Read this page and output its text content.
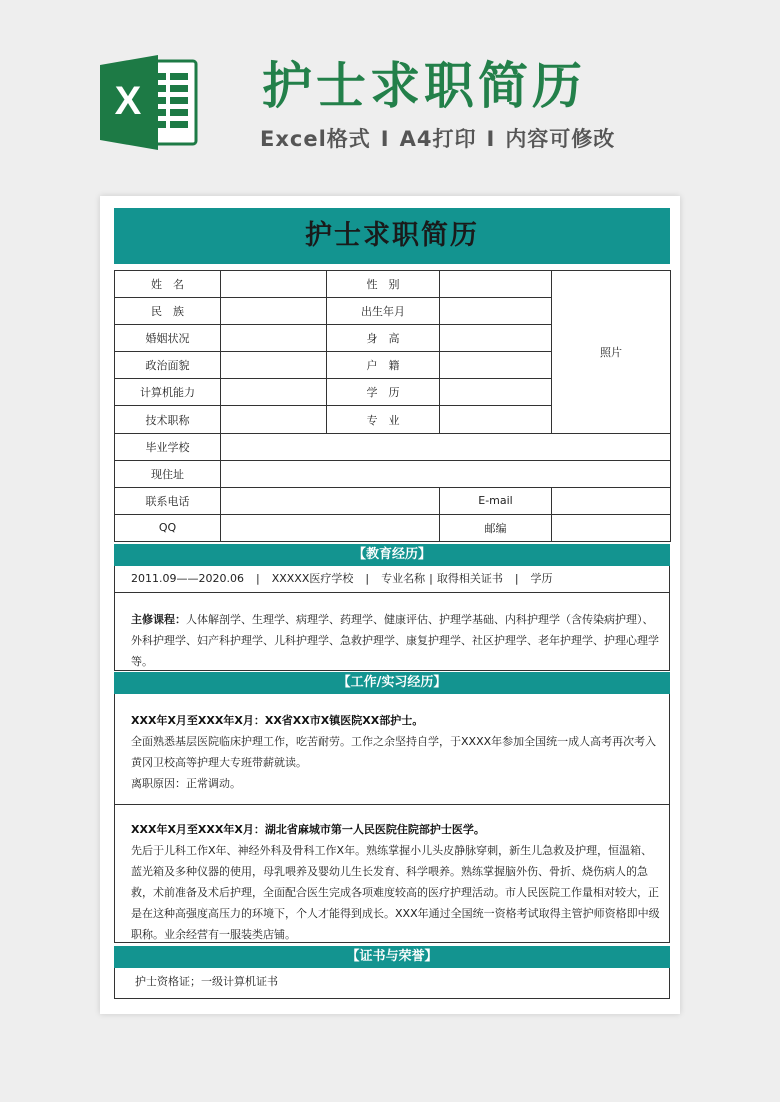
X 护士求职简历
Excel格式 I A4打印 I 内容可修改
护士求职简历
姓　名		性　别		照片
民　族		出生年月		
婚姻状况		身　高		
政治面貌		户　籍		
计算机能力		学　历		
技术职称		专　业		
毕业学校				
现住址				
联系电话			E-mail	
QQ			邮编	
【教育经历】
2011.09——2020.06 | XXXXX医疗学校 | 专业名称 | 取得相关证书 | 学历

主修课程：人体解剖学、生理学、病理学、药理学、健康评估、护理学基础、内科护理学（含传染病护理）、外科护理学、妇产科护理学、儿科护理学、急救护理学、康复护理学、社区护理学、老年护理学、护理心理学等。

【工作/实习经历】
XXX年X月至XXX年X月：XX省XX市X镇医院XX部护士。

全面熟悉基层医院临床护理工作，吃苦耐劳。工作之余坚持自学，于XXXX年参加全国统一成人高考再次考入黄冈卫校高等护理大专班带薪就读。

离职原因：正常调动。

XXX年X月至XXX年X月：湖北省麻城市第一人民医院住院部护士医学。

先后于儿科工作X年、神经外科及骨科工作X年。熟练掌握小儿头皮静脉穿刺，新生儿急救及护理，恒温箱、蓝光箱及多种仪器的使用，母乳喂养及婴幼儿生长发育、科学喂养。熟练掌握脑外伤、骨折、烧伤病人的急救，术前准备及术后护理，全面配合医生完成各项难度较高的医疗护理活动。市人民医院工作量相对较大，正是在这种高强度高压力的环境下，个人才能得到成长。XXX年通过全国统一资格考试取得主管护师资格即中级职称。业余经营有一服装类店铺。

【证书与荣誉】
护士资格证；一级计算机证书
